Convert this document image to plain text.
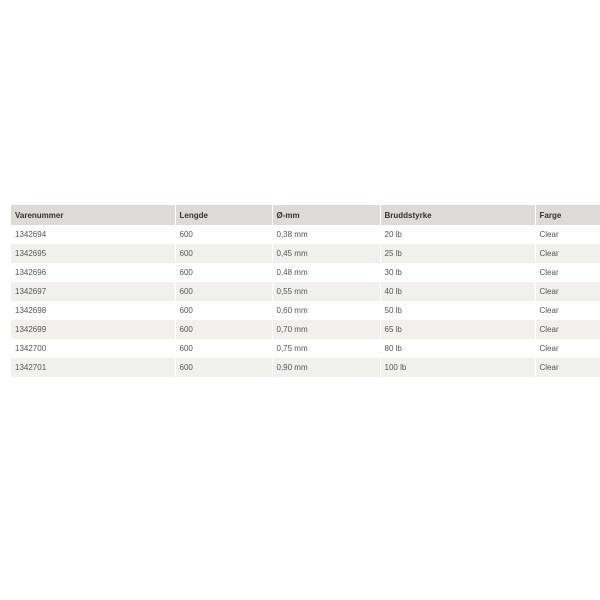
Varenummer	Lengde	Ø-mm	Bruddstyrke	Farge
1342694	600	0,38 mm	20 lb	Clear
1342695	600	0,45 mm	25 lb	Clear
1342696	600	0,48 mm	30 lb	Clear
1342697	600	0,55 mm	40 lb	Clear
1342698	600	0,60 mm	50 lb	Clear
1342699	600	0,70 mm	65 lb	Clear
1342700	600	0,75 mm	80 lb	Clear
1342701	600	0,90 mm	100 lb	Clear
